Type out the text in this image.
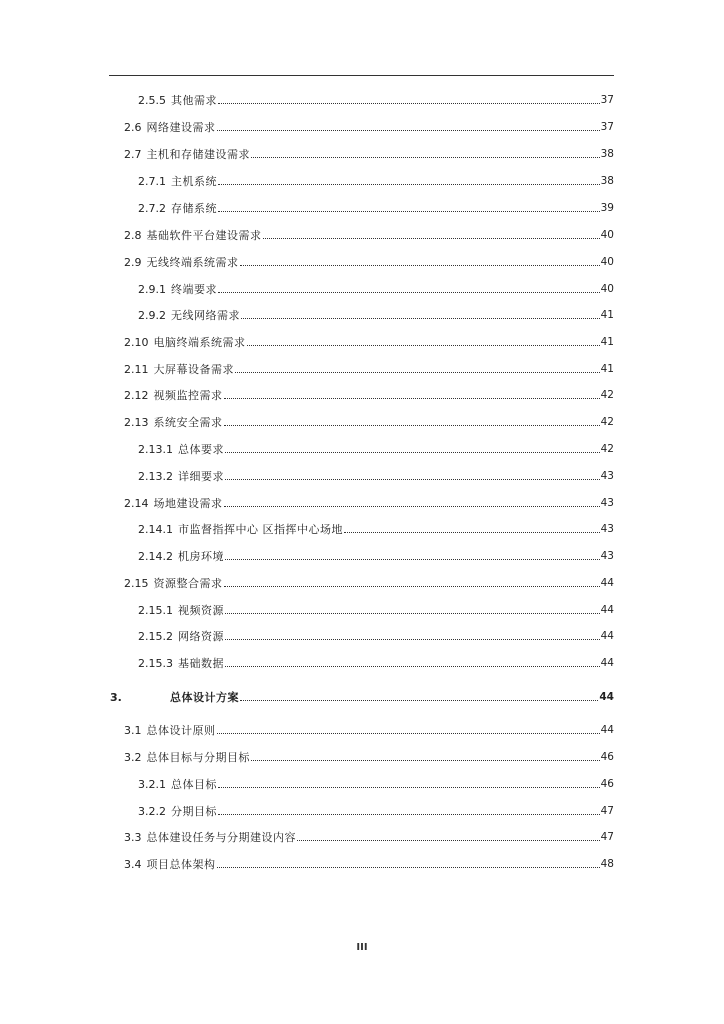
2.5.5 其他需求	37
2.6 网络建设需求	37
2.7 主机和存储建设需求	38
2.7.1 主机系统	38
2.7.2 存储系统	39
2.8 基础软件平台建设需求	40
2.9 无线终端系统需求	40
2.9.1 终端要求	40
2.9.2 无线网络需求	41
2.10 电脑终端系统需求	41
2.11 大屏幕设备需求	41
2.12 视频监控需求	42
2.13 系统安全需求	42
2.13.1 总体要求	42
2.13.2 详细要求	43
2.14 场地建设需求	43
2.14.1 市监督指挥中心 区指挥中心场地	43
2.14.2 机房环境	43
2.15 资源整合需求	44
2.15.1 视频资源	44
2.15.2 网络资源	44
2.15.3 基础数据	44
3.	总体设计方案	44
3.1 总体设计原则	44
3.2 总体目标与分期目标	46
3.2.1 总体目标	46
3.2.2 分期目标	47
3.3 总体建设任务与分期建设内容	47
3.4 项目总体架构	48
III
